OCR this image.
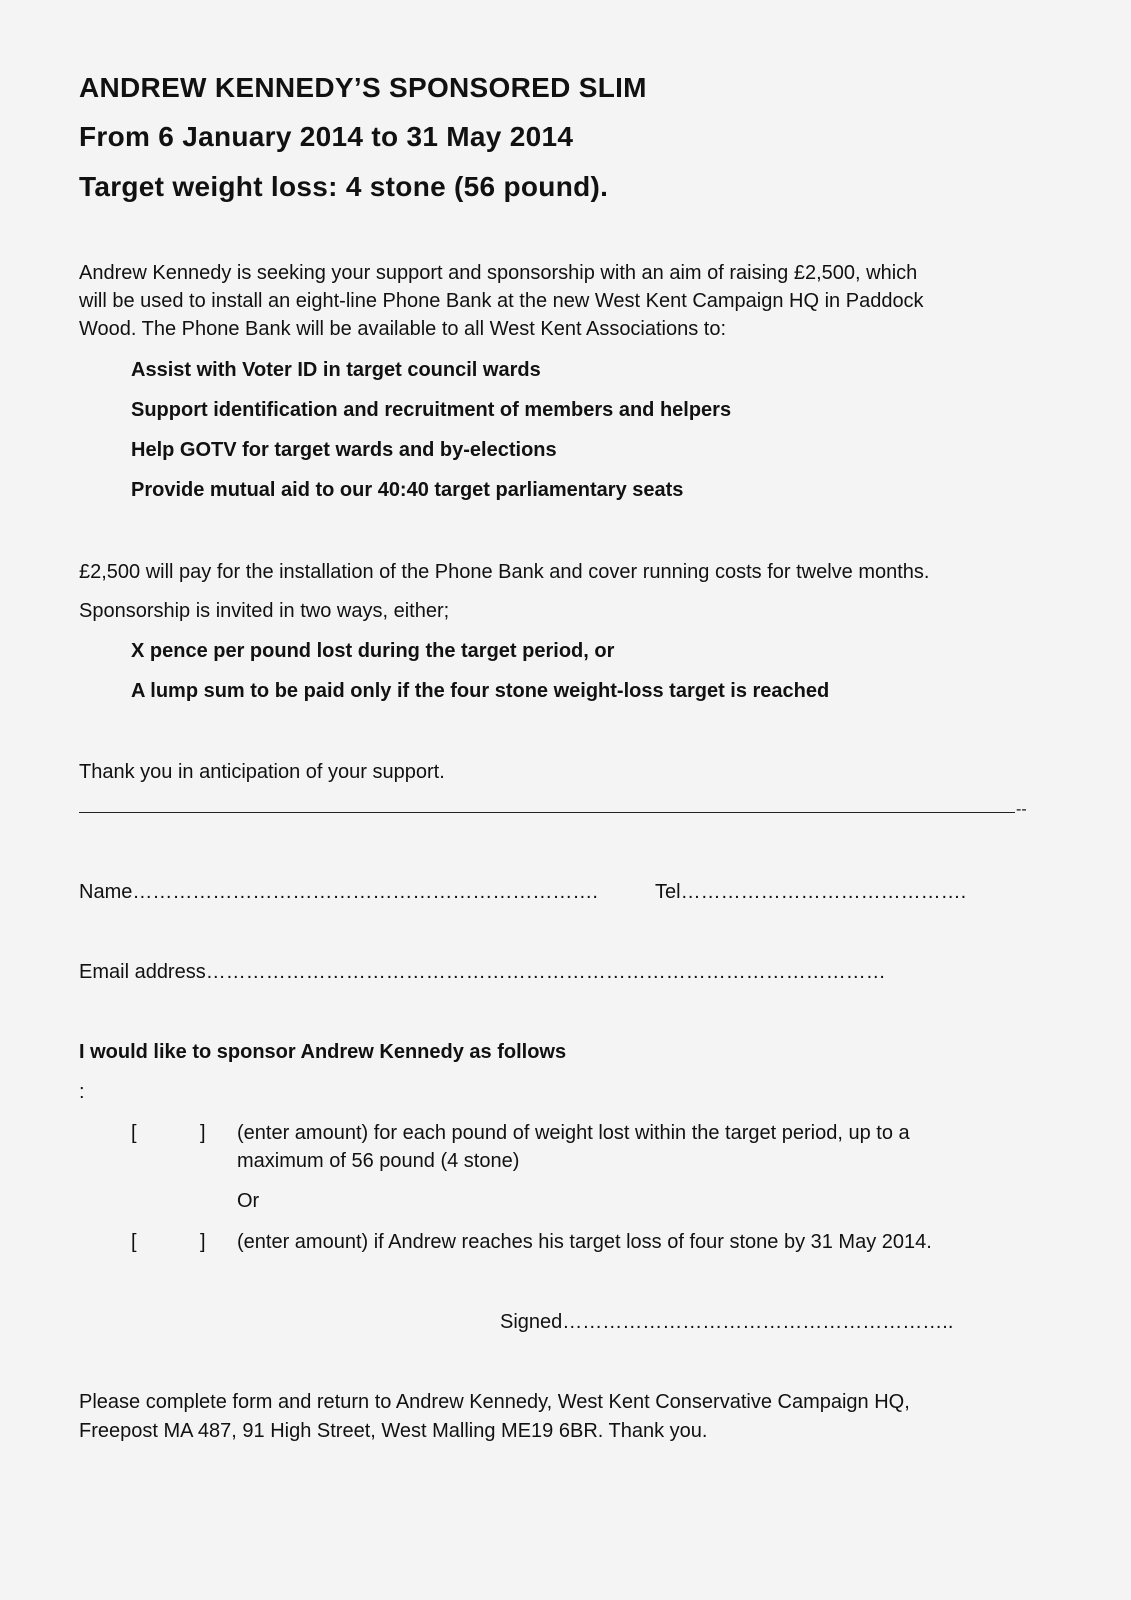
ANDREW KENNEDY’S SPONSORED SLIM
From 6 January 2014 to 31 May 2014
Target weight loss: 4 stone (56 pound).
Andrew Kennedy is seeking your support and sponsorship with an aim of raising £2,500, which
will be used to install an eight-line Phone Bank at the new West Kent Campaign HQ in Paddock
Wood. The Phone Bank will be available to all West Kent Associations to:
Assist with Voter ID in target council wards
Support identification and recruitment of members and helpers
Help GOTV for target wards and by-elections
Provide mutual aid to our 40:40 target parliamentary seats
£2,500 will pay for the installation of the Phone Bank and cover running costs for twelve months.
Sponsorship is invited in two ways, either;
X pence per pound lost during the target period, or
A lump sum to be paid only if the four stone weight-loss target is reached
Thank you in anticipation of your support.
--
Name…………………………………………………………….	Tel…………………………………….
Email address…………………………………………………………………………………………
I would like to sponsor Andrew Kennedy as follows
:
[	] (enter amount) for each pound of weight lost within the target period, up to a
maximum of 56 pound (4 stone)
Or
[	] (enter amount) if Andrew reaches his target loss of four stone by 31 May 2014.
Signed…………………………………………………..
Please complete form and return to Andrew Kennedy, West Kent Conservative Campaign HQ,
Freepost MA 487, 91 High Street, West Malling ME19 6BR. Thank you.
